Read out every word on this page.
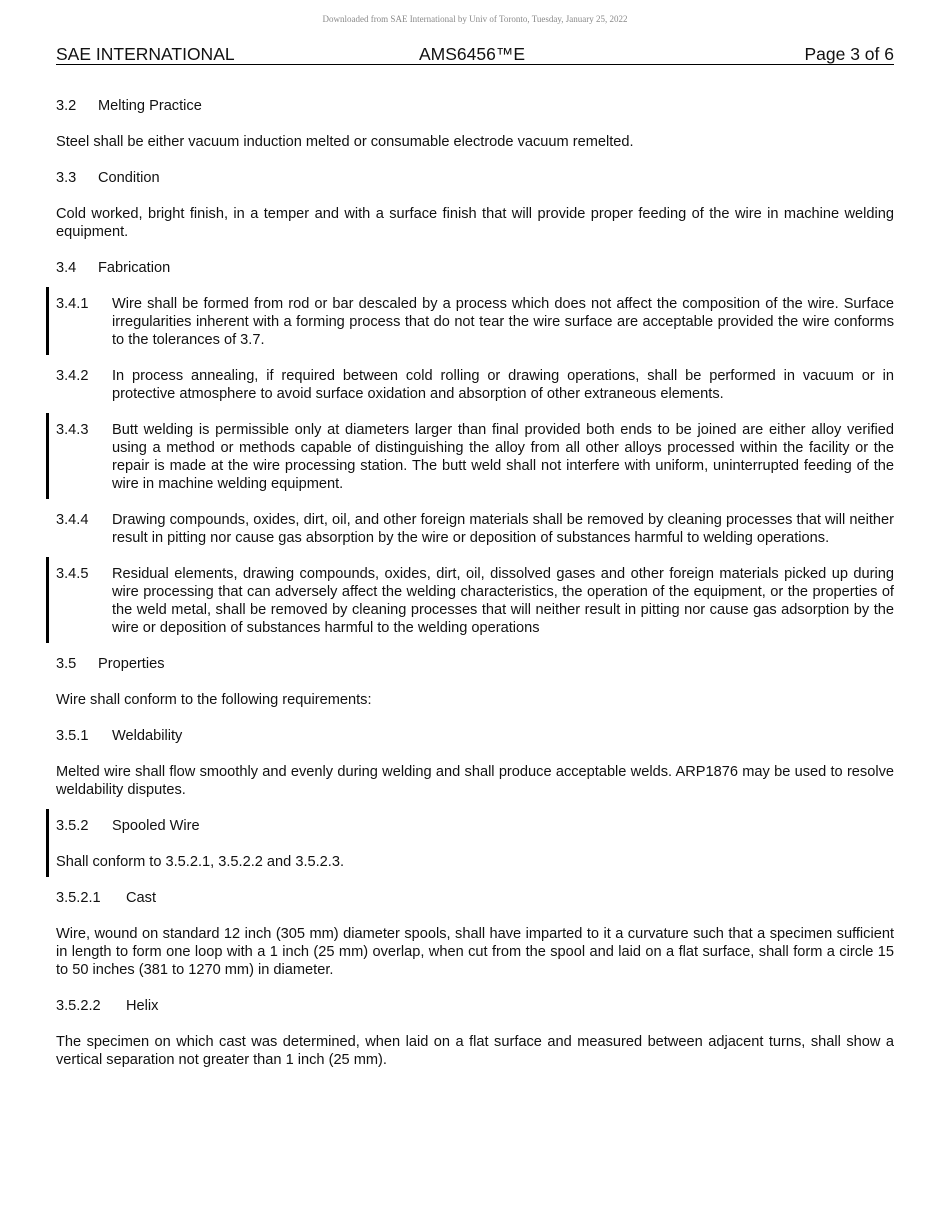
Downloaded from SAE International by Univ of Toronto, Tuesday, January 25, 2022
SAE INTERNATIONAL	AMS6456™E	Page 3 of 6
3.2	Melting Practice
Steel shall be either vacuum induction melted or consumable electrode vacuum remelted.
3.3	Condition
Cold worked, bright finish, in a temper and with a surface finish that will provide proper feeding of the wire in machine welding equipment.
3.4	Fabrication
3.4.1	Wire shall be formed from rod or bar descaled by a process which does not affect the composition of the wire. Surface irregularities inherent with a forming process that do not tear the wire surface are acceptable provided the wire conforms to the tolerances of 3.7.
3.4.2	In process annealing, if required between cold rolling or drawing operations, shall be performed in vacuum or in protective atmosphere to avoid surface oxidation and absorption of other extraneous elements.
3.4.3	Butt welding is permissible only at diameters larger than final provided both ends to be joined are either alloy verified using a method or methods capable of distinguishing the alloy from all other alloys processed within the facility or the repair is made at the wire processing station. The butt weld shall not interfere with uniform, uninterrupted feeding of the wire in machine welding equipment.
3.4.4	Drawing compounds, oxides, dirt, oil, and other foreign materials shall be removed by cleaning processes that will neither result in pitting nor cause gas absorption by the wire or deposition of substances harmful to welding operations.
3.4.5	Residual elements, drawing compounds, oxides, dirt, oil, dissolved gases and other foreign materials picked up during wire processing that can adversely affect the welding characteristics, the operation of the equipment, or the properties of the weld metal, shall be removed by cleaning processes that will neither result in pitting nor cause gas adsorption by the wire or deposition of substances harmful to the welding operations
3.5	Properties
Wire shall conform to the following requirements:
3.5.1	Weldability
Melted wire shall flow smoothly and evenly during welding and shall produce acceptable welds. ARP1876 may be used to resolve weldability disputes.
3.5.2	Spooled Wire
Shall conform to 3.5.2.1, 3.5.2.2 and 3.5.2.3.
3.5.2.1	Cast
Wire, wound on standard 12 inch (305 mm) diameter spools, shall have imparted to it a curvature such that a specimen sufficient in length to form one loop with a 1 inch (25 mm) overlap, when cut from the spool and laid on a flat surface, shall form a circle 15 to 50 inches (381 to 1270 mm) in diameter.
3.5.2.2	Helix
The specimen on which cast was determined, when laid on a flat surface and measured between adjacent turns, shall show a vertical separation not greater than 1 inch (25 mm).
